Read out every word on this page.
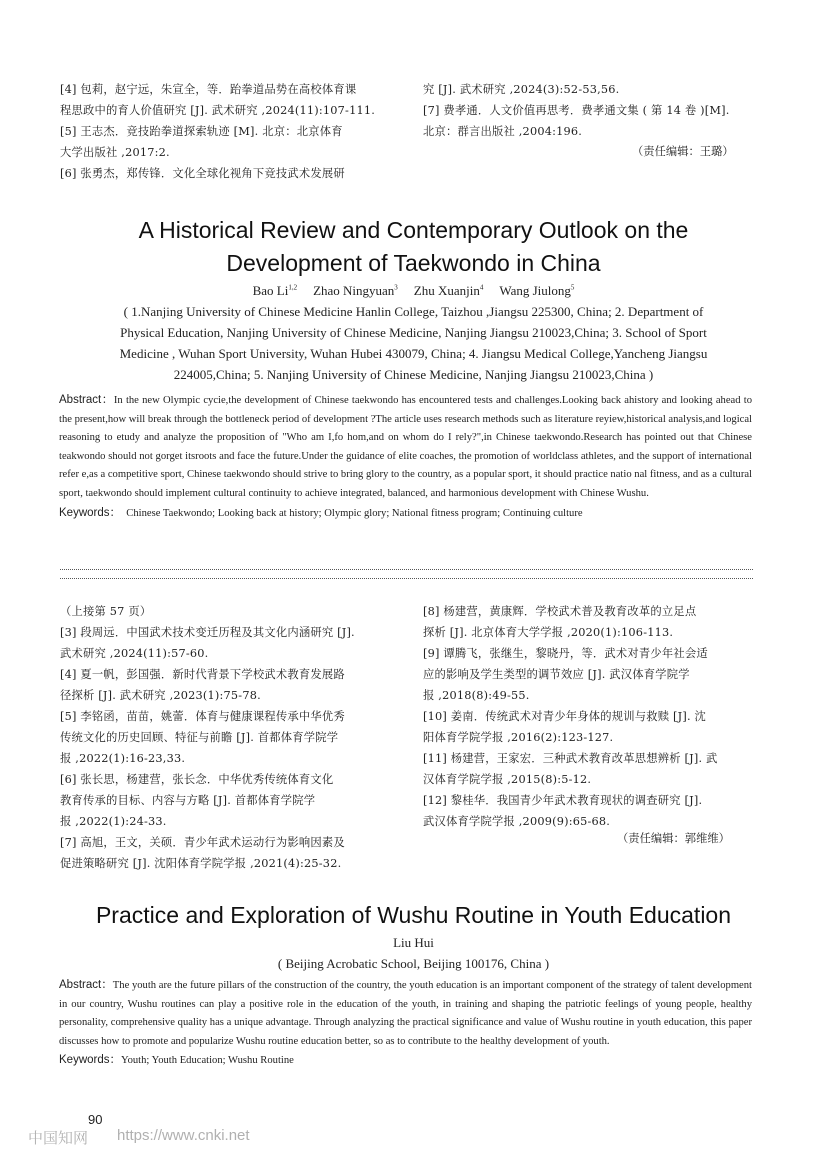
[4] 包莉，赵宁远，朱宣全，等．跆拳道品势在高校体育课

程思政中的育人价值研究 [J]. 武术研究 ,2024(11):107-111.

[5] 王志杰．竞技跆拳道探索轨迹 [M]. 北京：北京体育

大学出版社 ,2017:2.

[6] 张勇杰，郑传锋．文化全球化视角下竞技武术发展研

究 [J]. 武术研究 ,2024(3):52-53,56.

[7] 费孝通．人文价值再思考．费孝通文集 ( 第 14 卷 )[M].

北京：群言出版社 ,2004:196.

（责任编辑：王璐）
A Historical Review and Contemporary Outlook on the
Development of Taekwondo in China
Bao Li$^{1,2}$ Zhao Ningyuan$^3$ Zhu Xuanjin$^4$ Wang Jiulong$^5$
( 1.Nanjing University of Chinese Medicine Hanlin College, Taizhou ,Jiangsu 225300, China; 2. Department of
Physical Education, Nanjing University of Chinese Medicine, Nanjing Jiangsu 210023,China; 3. School of Sport
Medicine , Wuhan Sport University, Wuhan Hubei 430079, China; 4. Jiangsu Medical College,Yancheng Jiangsu
224005,China; 5. Nanjing University of Chinese Medicine, Nanjing Jiangsu 210023,China )
Abstract：In the new Olympic cycie,the development of Chinese taekwondo has encountered tests and challenges.Looking back ahistory and looking ahead to the present,how will break through the bottleneck period of development ?The article uses research methods such as literature reyiew,historical analysis,and logical reasoning to etudy and analyze the proposition of "Who am I,fo hom,and on whom do I rely?",in Chinese taekwondo.Research has pointed out that Chinese teakwondo should not gorget itsroots and face the future.Under the guidance of elite coaches, the promotion of worldclass athletes, and the support of international refer e,as a competitive sport, Chinese taekwondo should strive to bring glory to the country, as a popular sport, it should practice natio nal fitness, and as a cultural sport, taekwondo should implement cultural continuity to achieve integrated, balanced, and harmonious development with Chinese Wushu.
Keywords： Chinese Taekwondo; Looking back at history; Olympic glory; National fitness program; Continuing culture

（上接第 57 页）

[3] 段周远．中国武术技术变迁历程及其文化内涵研究 [J].

武术研究 ,2024(11):57-60.

[4] 夏一帆，彭国强．新时代背景下学校武术教育发展路

径探析 [J]. 武术研究 ,2023(1):75-78.

[5] 李铭函，苗苗，姚蕾．体育与健康课程传承中华优秀

传统文化的历史回顾、特征与前瞻 [J]. 首都体育学院学

报 ,2022(1):16-23,33.

[6] 张长思，杨建营，张长念．中华优秀传统体育文化

教育传承的目标、内容与方略 [J]. 首都体育学院学

报 ,2022(1):24-33.

[7] 高旭，王文，关硕．青少年武术运动行为影响因素及

促进策略研究 [J]. 沈阳体育学院学报 ,2021(4):25-32.

[8] 杨建营，黄康辉．学校武术普及教育改革的立足点

探析 [J]. 北京体育大学学报 ,2020(1):106-113.

[9] 谭腾飞，张继生，黎晓丹，等．武术对青少年社会适

应的影响及学生类型的调节效应 [J]. 武汉体育学院学

报 ,2018(8):49-55.

[10] 姜南．传统武术对青少年身体的规训与救赎 [J]. 沈

阳体育学院学报 ,2016(2):123-127.

[11] 杨建营，王家宏．三种武术教育改革思想辨析 [J]. 武

汉体育学院学报 ,2015(8):5-12.

[12] 黎桂华．我国青少年武术教育现状的调查研究 [J].

武汉体育学院学报 ,2009(9):65-68.

（责任编辑：郭维维）
Practice and Exploration of Wushu Routine in Youth Education
Liu Hui
( Beijing Acrobatic School, Beijing 100176, China )
Abstract：The youth are the future pillars of the construction of the country, the youth education is an important component of the strategy of talent development in our country, Wushu routines can play a positive role in the education of the youth, in training and shaping the patriotic feelings of young people, healthy personality, comprehensive quality has a unique advantage. Through analyzing the practical significance and value of Wushu routine in youth education, this paper discusses how to promote and popularize Wushu routine education better, so as to contribute to the healthy development of youth.
Keywords：Youth; Youth Education; Wushu Routine
90
中国知网 https://www.cnki.net
